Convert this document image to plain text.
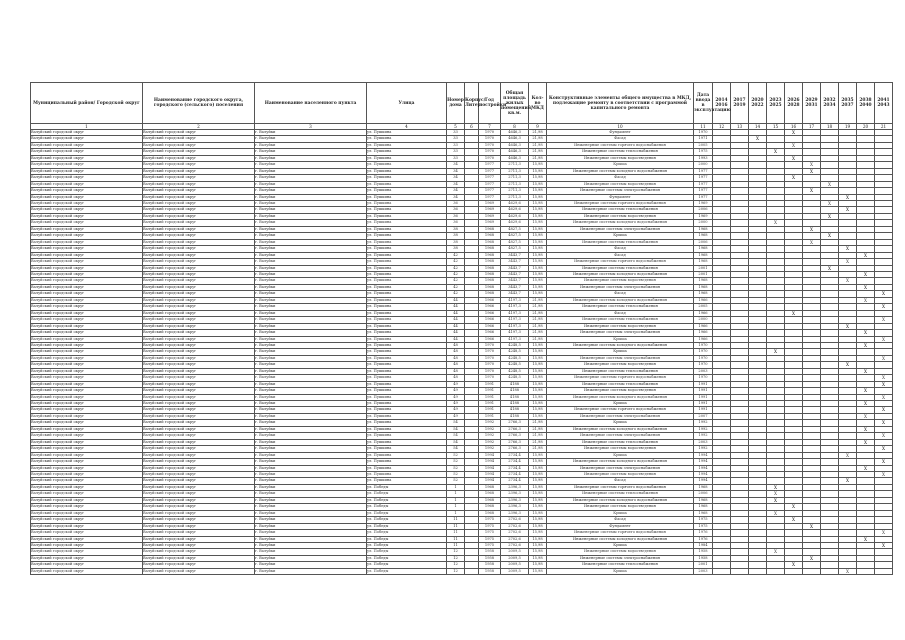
Муниципальный район/ Городской округ	Наименование городского округа, городского (сельского) поселения	Наименование населенного пункта	Улица	Номер дома	Корпус/ Литер	Год постройки	Общая площадь жилых помещений, кв.м.	Кол-во МКД	Конструктивные элементы общего имущества в МКД, подлежащие ремонту в соответствии с программой капитального ремонта	Дата ввода в эксплуатацию	2014 2016	2017 2019	2020 2022	2023 2025	2026 2028	2029 2031	2032 2034	2035 2037	2038 2040	2041 2043
1	2	3	4	5	6	7	8	9	10	11	12	13	14	15	16	17	18	19	20	21
Валуйский городской округ	Валуйский городской округ	г. Валуйки	ул. Пушкина	33		1970	4646,3	21,98	Фундамент	1970					X					
Валуйский городской округ	Валуйский городской округ	г. Валуйки	ул. Пушкина	33		1970	4646,3	21,98	Фасад	1971			X							
Валуйский городской округ	Валуйский городской округ	г. Валуйки	ул. Пушкина	33		1970	4646,3	21,98	Инженерные системы горячего водоснабжения	2005					X					
Валуйский городской округ	Валуйский городской округ	г. Валуйки	ул. Пушкина	33		1970	4646,3	21,98	Инженерные системы теплоснабжения	1975				X						
Валуйский городской округ	Валуйский городской округ	г. Валуйки	ул. Пушкина	33		1970	4646,3	21,98	Инженерные системы водоотведения	1993					X					
Валуйский городской округ	Валуйский городской округ	г. Валуйки	ул. Пушкина	34		1977	2711,3	15,98	Крыша	2000						X				
Валуйский городской округ	Валуйский городской округ	г. Валуйки	ул. Пушкина	34		1977	2711,3	15,98	Инженерные системы холодного водоснабжения	1977						X				
Валуйский городской округ	Валуйский городской округ	г. Валуйки	ул. Пушкина	34		1977	2711,3	15,98	Фасад	1977					X					
Валуйский городской округ	Валуйский городской округ	г. Валуйки	ул. Пушкина	34		1977	2711,3	15,98	Инженерные системы водоотведения	1977							X			
Валуйский городской округ	Валуйский городской округ	г. Валуйки	ул. Пушкина	34		1977	2711,3	15,98	Инженерные системы электроснабжения	1977						X				
Валуйский городской округ	Валуйский городской округ	г. Валуйки	ул. Пушкина	34		1977	2711,3	15,98	Фундамент	1977								X		
Валуйский городской округ	Валуйский городской округ	г. Валуйки	ул. Пушкина	36		1969	4629,6	15,98	Инженерные системы горячего водоснабжения	1969							X			
Валуйский городской округ	Валуйский городской округ	г. Валуйки	ул. Пушкина	36		1969	4629,6	15,98	Инженерные системы теплоснабжения	2006								X		
Валуйский городской округ	Валуйский городской округ	г. Валуйки	ул. Пушкина	36		1969	4629,6	15,98	Инженерные системы водоотведения	1969							X			
Валуйский городской округ	Валуйский городской округ	г. Валуйки	ул. Пушкина	36		1969	4629,6	15,98	Инженерные системы холодного водоснабжения	2000				X						
Валуйский городской округ	Валуйский городской округ	г. Валуйки	ул. Пушкина	38		1968	4827,5	15,98	Инженерные системы электроснабжения	1968						X				
Валуйский городской округ	Валуйский городской округ	г. Валуйки	ул. Пушкина	38		1968	4827,5	15,98	Крыша	1968							X			
Валуйский городской округ	Валуйский городской округ	г. Валуйки	ул. Пушкина	38		1968	4827,5	15,98	Инженерные системы теплоснабжения	2006						X				
Валуйский городской округ	Валуйский городской округ	г. Валуйки	ул. Пушкина	38		1968	4827,5	15,98	Фасад	1968								X		
Валуйский городской округ	Валуйский городской округ	г. Валуйки	ул. Пушкина	42		1968	3443,7	15,98	Фасад	1968									X	
Валуйский городской округ	Валуйский городской округ	г. Валуйки	ул. Пушкина	42		1968	3443,7	15,98	Инженерные системы горячего водоснабжения	1968								X		
Валуйский городской округ	Валуйский городской округ	г. Валуйки	ул. Пушкина	42		1968	3443,7	15,98	Инженерные системы теплоснабжения	2001							X			
Валуйский городской округ	Валуйский городской округ	г. Валуйки	ул. Пушкина	42		1968	3443,7	15,98	Инженерные системы холодного водоснабжения	2001									X	
Валуйский городской округ	Валуйский городской округ	г. Валуйки	ул. Пушкина	42		1968	3443,7	15,98	Инженерные системы водоотведения	1968								X		
Валуйский городской округ	Валуйский городской округ	г. Валуйки	ул. Пушкина	42		1968	3443,7	15,98	Инженерные системы электроснабжения	1968									X	
Валуйский городской округ	Валуйский городской округ	г. Валуйки	ул. Пушкина	42		1968	3443,7	15,98	Фасад	1968										X
Валуйский городской округ	Валуйский городской округ	г. Валуйки	ул. Пушкина	44		1966	4197,3	21,98	Инженерные системы холодного водоснабжения	1966									X	
Валуйский городской округ	Валуйский городской округ	г. Валуйки	ул. Пушкина	44		1966	4197,3	21,98	Инженерные системы теплоснабжения	2005										X
Валуйский городской округ	Валуйский городской округ	г. Валуйки	ул. Пушкина	44		1966	4197,3	21,98	Фасад	1966					X					
Валуйский городской округ	Валуйский городской округ	г. Валуйки	ул. Пушкина	44		1966	4197,3	21,98	Инженерные системы теплоснабжения	2000										X
Валуйский городской округ	Валуйский городской округ	г. Валуйки	ул. Пушкина	44		1966	4197,3	21,98	Инженерные системы водоотведения	1966								X		
Валуйский городской округ	Валуйский городской округ	г. Валуйки	ул. Пушкина	44		1966	4197,3	21,98	Инженерные системы электроснабжения	1966									X	
Валуйский городской округ	Валуйский городской округ	г. Валуйки	ул. Пушкина	44		1966	4197,3	21,98	Крыша	1966										X
Валуйский городской округ	Валуйский городской округ	г. Валуйки	ул. Пушкина	48		1970	4248,5	15,98	Инженерные системы холодного водоснабжения	1970									X	
Валуйский городской округ	Валуйский городской округ	г. Валуйки	ул. Пушкина	48		1970	4248,5	15,98	Крыша	1970				X						
Валуйский городской округ	Валуйский городской округ	г. Валуйки	ул. Пушкина	48		1970	4248,5	15,98	Инженерные системы электроснабжения	1970										X
Валуйский городской округ	Валуйский городской округ	г. Валуйки	ул. Пушкина	48		1970	4248,5	15,98	Инженерные системы водоотведения	1970								X		
Валуйский городской округ	Валуйский городской округ	г. Валуйки	ул. Пушкина	48		1970	4248,5	15,98	Инженерные системы теплоснабжения	2003									X	
Валуйский городской округ	Валуйский городской округ	г. Валуйки	ул. Пушкина	48		1970	4248,5	15,98	Инженерные системы горячего водоснабжения	1970										X
Валуйский городской округ	Валуйский городской округ	г. Валуйки	ул. Пушкина	49		1991	4188	15,98	Инженерные системы теплоснабжения	1991										X
Валуйский городской округ	Валуйский городской округ	г. Валуйки	ул. Пушкина	49		1991	4188	15,98	Инженерные системы водоотведения	1991									X	
Валуйский городской округ	Валуйский городской округ	г. Валуйки	ул. Пушкина	49		1991	4188	15,98	Инженерные системы холодного водоснабжения	1991										X
Валуйский городской округ	Валуйский городской округ	г. Валуйки	ул. Пушкина	49		1991	4188	15,98	Крыша	1991									X	
Валуйский городской округ	Валуйский городской округ	г. Валуйки	ул. Пушкина	49		1991	4188	15,98	Инженерные системы горячего водоснабжения	1991										X
Валуйский городской округ	Валуйский городской округ	г. Валуйки	ул. Пушкина	49		1991	4188	15,98	Инженерные системы электроснабжения	2007									X	
Валуйский городской округ	Валуйский городской округ	г. Валуйки	ул. Пушкина	54		1992	2766,3	21,98	Крыша	1992										X
Валуйский городской округ	Валуйский городской округ	г. Валуйки	ул. Пушкина	54		1992	2766,3	21,98	Инженерные системы холодного водоснабжения	1992									X	
Валуйский городской округ	Валуйский городской округ	г. Валуйки	ул. Пушкина	54		1992	2766,3	21,98	Инженерные системы электроснабжения	1992										X
Валуйский городской округ	Валуйский городской округ	г. Валуйки	ул. Пушкина	54		1992	2766,3	21,98	Инженерные системы теплоснабжения	2003									X	
Валуйский городской округ	Валуйский городской округ	г. Валуйки	ул. Пушкина	54		1992	2766,3	21,98	Инженерные системы водоотведения	1992										X
Валуйский городской округ	Валуйский городской округ	г. Валуйки	ул. Пушкина	52		1994	2734,4	15,98	Крыша	1994								X		
Валуйский городской округ	Валуйский городской округ	г. Валуйки	ул. Пушкина	52		1994	2734,4	15,98	Инженерные системы холодного водоснабжения	1994										X
Валуйский городской округ	Валуйский городской округ	г. Валуйки	ул. Пушкина	52		1994	2734,4	15,98	Инженерные системы электроснабжения	1994									X	
Валуйский городской округ	Валуйский городской округ	г. Валуйки	ул. Пушкина	52		1994	2734,4	15,98	Инженерные системы водоотведения	1994										X
Валуйский городской округ	Валуйский городской округ	г. Валуйки	ул. Пушкина	52		1994	2734,4	15,98	Фасад	1994								X		
Валуйский городской округ	Валуйский городской округ	г. Валуйки	ул. Победы	1		1968	2396,3	15,98	Инженерные системы горячего водоснабжения	1968				X						
Валуйский городской округ	Валуйский городской округ	г. Валуйки	ул. Победы	1		1968	2396,3	15,98	Инженерные системы теплоснабжения	2006				X						
Валуйский городской округ	Валуйский городской округ	г. Валуйки	ул. Победы	1		1968	2396,3	15,98	Инженерные системы холодного водоснабжения	1968				X						
Валуйский городской округ	Валуйский городской округ	г. Валуйки	ул. Победы	1		1968	2396,3	15,98	Инженерные системы водоотведения	1968					X					
Валуйский городской округ	Валуйский городской округ	г. Валуйки	ул. Победы	1		1968	2396,3	15,98	Крыша	1968				X						
Валуйский городской округ	Валуйский городской округ	г. Валуйки	ул. Победы	11		1975	2702,6	15,98	Фасад	1975					X					
Валуйский городской округ	Валуйский городской округ	г. Валуйки	ул. Победы	11		1975	2702,6	15,98	Фундамент	1975						X				
Валуйский городской округ	Валуйский городской округ	г. Валуйки	ул. Победы	11		1975	2702,6	15,98	Инженерные системы горячего водоснабжения	1976										X
Валуйский городской округ	Валуйский городской округ	г. Валуйки	ул. Победы	11		1975	2702,6	15,98	Инженерные системы холодного водоснабжения	1976									X	
Валуйский городской округ	Валуйский городской округ	г. Валуйки	ул. Победы	11		1975	2702,6	15,98	Крыша	1984										X
Валуйский городской округ	Валуйский городской округ	г. Валуйки	ул. Победы	12		1958	2009,5	15,98	Инженерные системы водоотведения	1958				X						
Валуйский городской округ	Валуйский городской округ	г. Валуйки	ул. Победы	12		1958	2009,5	15,98	Инженерные системы электроснабжения	1958						X				
Валуйский городской округ	Валуйский городской округ	г. Валуйки	ул. Победы	12		1958	2009,5	15,98	Инженерные системы теплоснабжения	2001					X					
Валуйский городской округ	Валуйский городской округ	г. Валуйки	ул. Победы	12		1958	2009,5	15,98	Крыша	2003								X		
